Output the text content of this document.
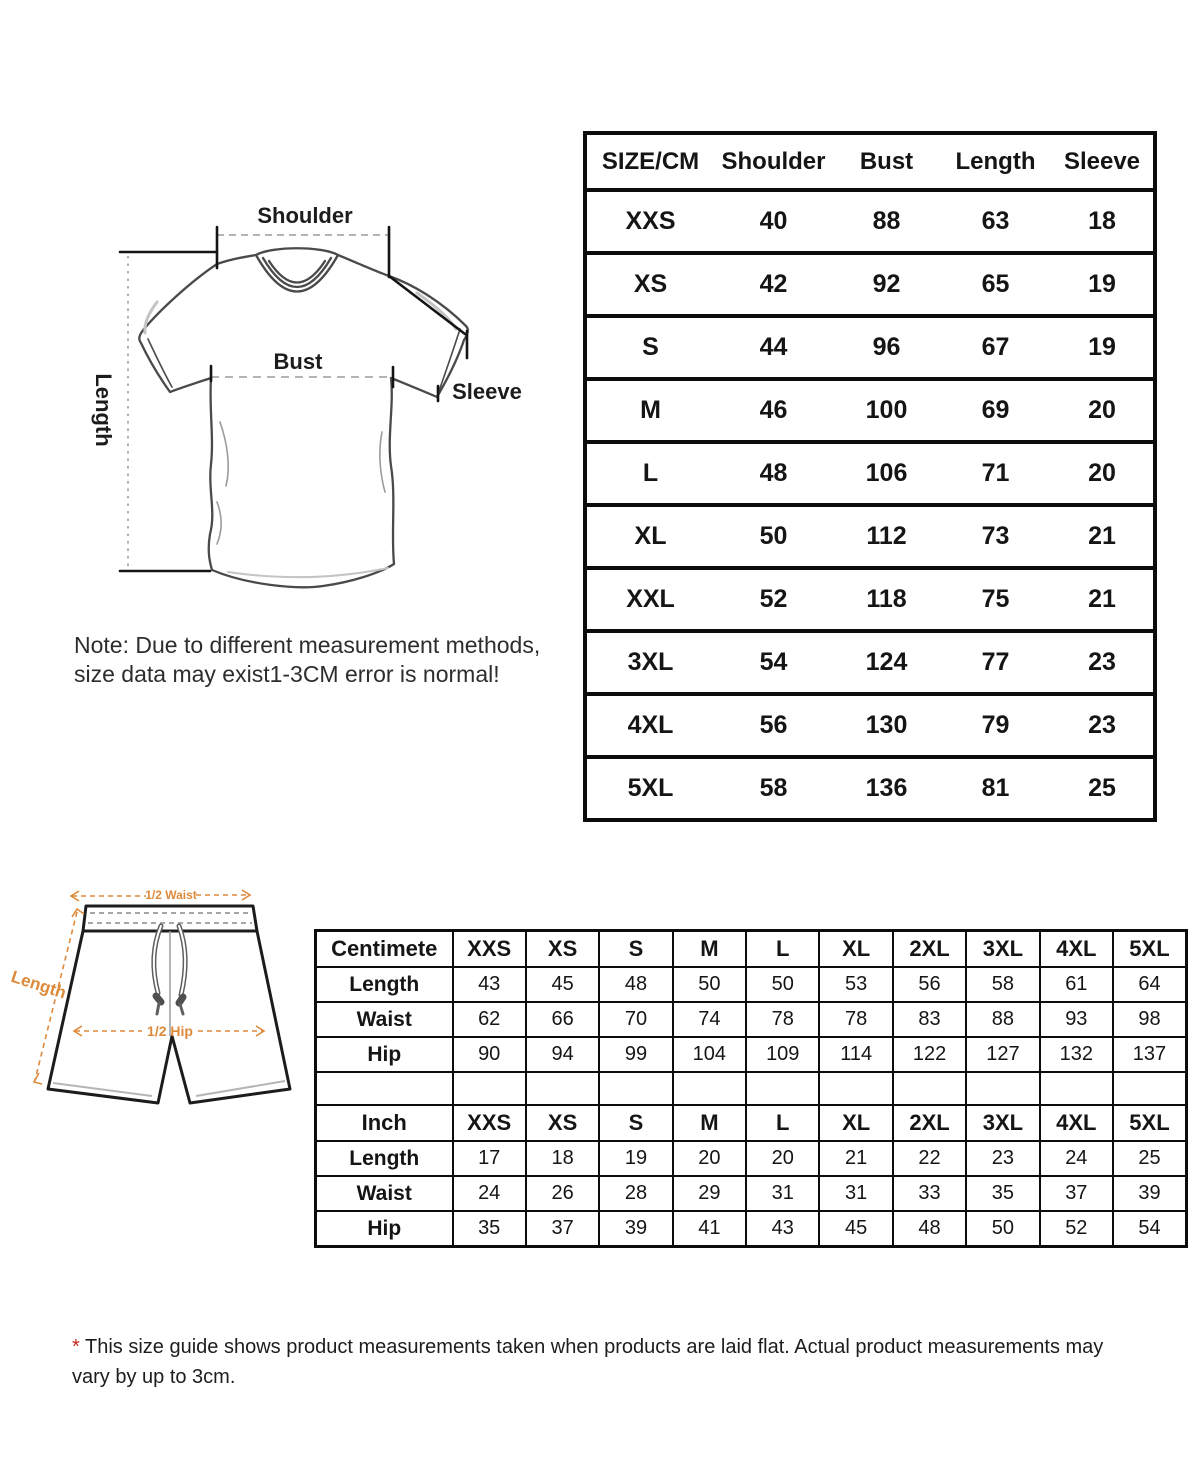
Shoulder
Bust
Length	Sleeve
Note: Due to different measurement methods,
size data may exist1-3CM error is normal!
SIZE/CM	Shoulder	Bust	Length	Sleeve
XXS	40	88	63	18
XS	42	92	65	19
S	44	96	67	19
M	46	100	69	20
L	48	106	71	20
XL	50	112	73	21
XXL	52	118	75	21
3XL	54	124	77	23
4XL	56	130	79	23
5XL	58	136	81	25
1/2 Waist
Length
1/2 Hip
Centimete	XXS	XS	S	M	L	XL	2XL	3XL	4XL	5XL
Length	43	45	48	50	50	53	56	58	61	64
Waist	62	66	70	74	78	78	83	88	93	98
Hip	90	94	99	104	109	114	122	127	132	137

Inch	XXS	XS	S	M	L	XL	2XL	3XL	4XL	5XL
Length	17	18	19	20	20	21	22	23	24	25
Waist	24	26	28	29	31	31	33	35	37	39
Hip	35	37	39	41	43	45	48	50	52	54
* This size guide shows product measurements taken when products are laid flat. Actual product measurements may
vary by up to 3cm.
